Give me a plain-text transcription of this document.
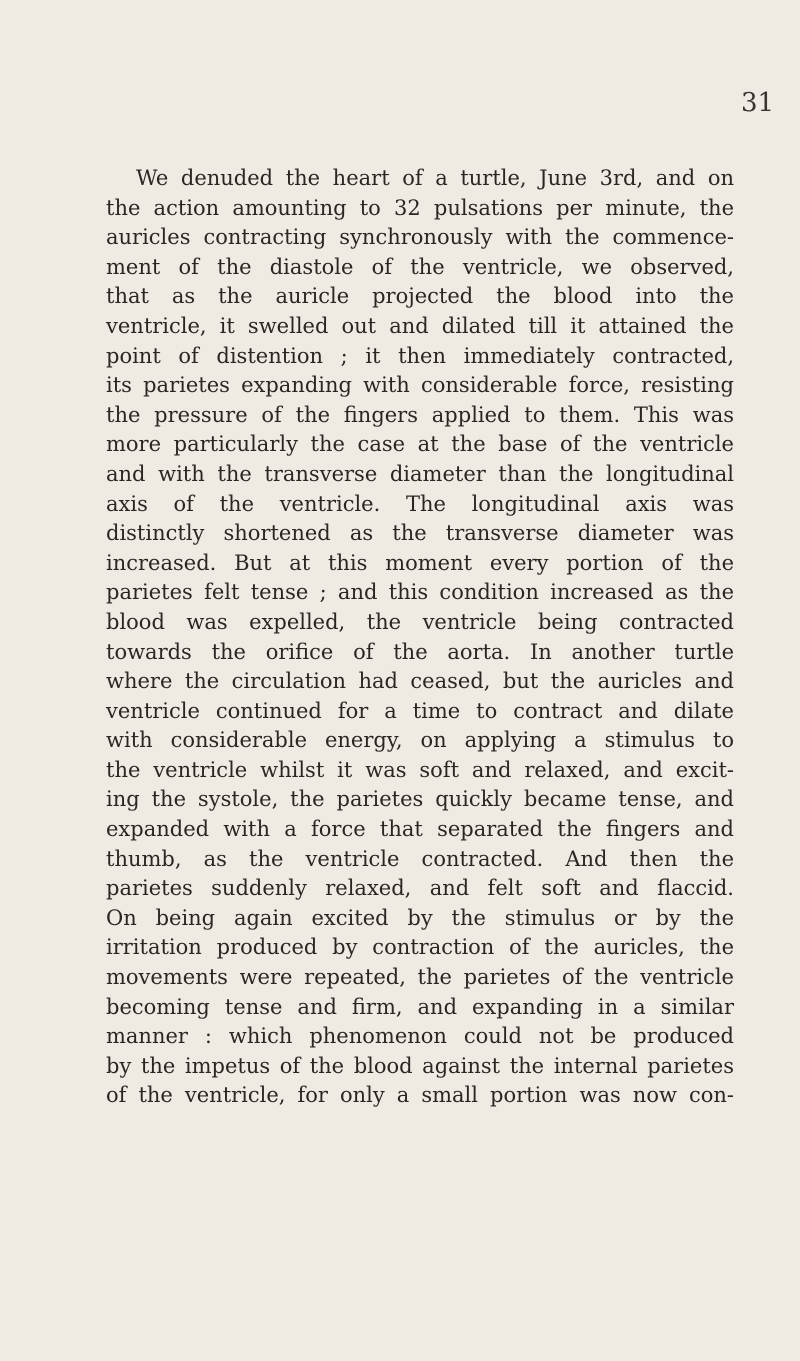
31
We denuded the heart of a turtle, June 3rd, and on
the action amounting to 32 pulsations per minute, the
auricles contracting synchronously with the commence-
ment of the diastole of the ventricle, we observed,
that as the auricle projected the blood into the
ventricle, it swelled out and dilated till it attained the
point of distention ; it then immediately contracted,
its parietes expanding with considerable force, resisting
the pressure of the fingers applied to them. This was
more particularly the case at the base of the ventricle
and with the transverse diameter than the longitudinal
axis of the ventricle. The longitudinal axis was
distinctly shortened as the transverse diameter was
increased. But at this moment every portion of the
parietes felt tense ; and this condition increased as the
blood was expelled, the ventricle being contracted
towards the orifice of the aorta. In another turtle
where the circulation had ceased, but the auricles and
ventricle continued for a time to contract and dilate
with considerable energy, on applying a stimulus to
the ventricle whilst it was soft and relaxed, and excit-
ing the systole, the parietes quickly became tense, and
expanded with a force that separated the fingers and
thumb, as the ventricle contracted. And then the
parietes suddenly relaxed, and felt soft and flaccid.
On being again excited by the stimulus or by the
irritation produced by contraction of the auricles, the
movements were repeated, the parietes of the ventricle
becoming tense and firm, and expanding in a similar
manner : which phenomenon could not be produced
by the impetus of the blood against the internal parietes
of the ventricle, for only a small portion was now con-
